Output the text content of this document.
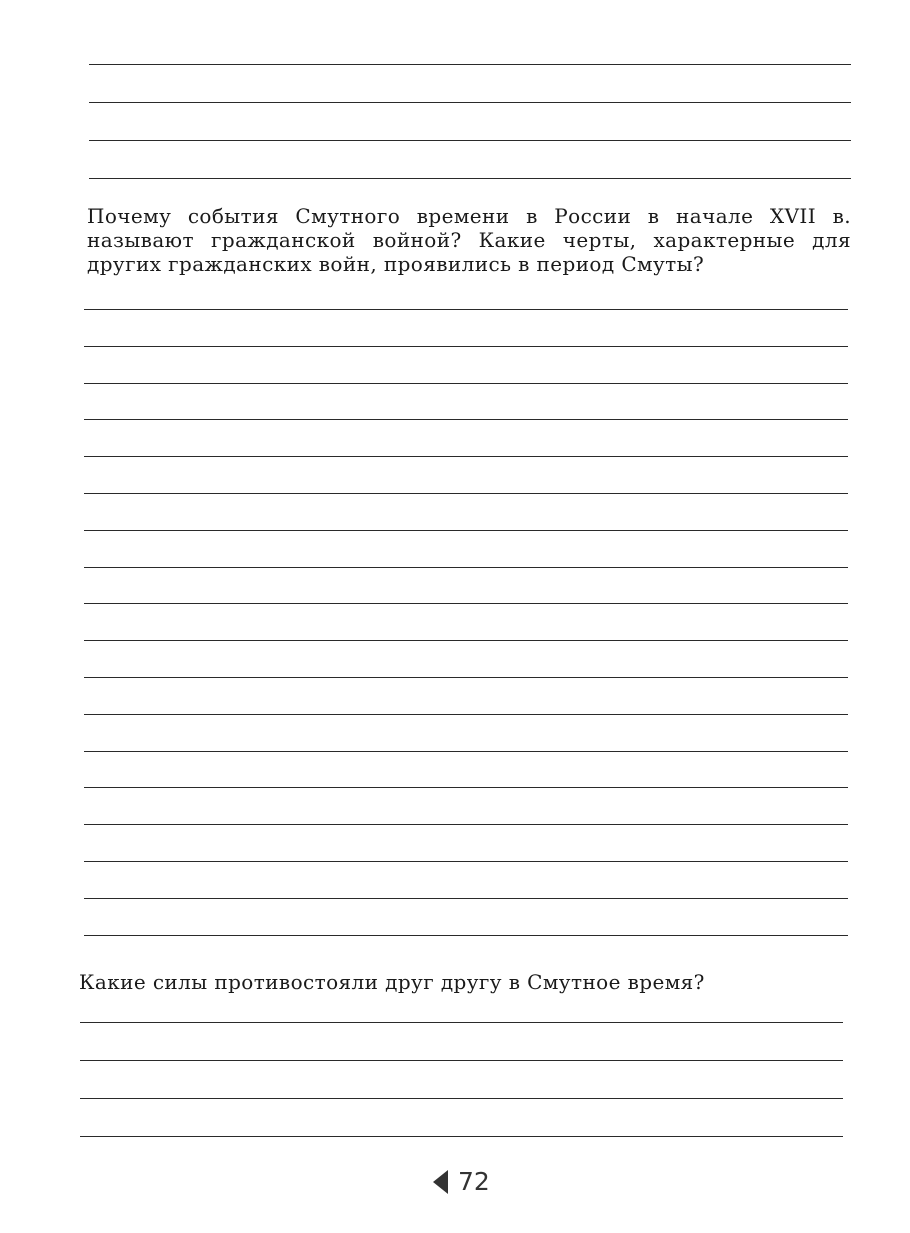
Почему события Смутного времени в России в начале XVII в. называют гражданской войной? Какие черты, характерные для других гражданских войн, проявились в период Смуты?

Какие силы противостояли друг другу в Смутное время?

72
